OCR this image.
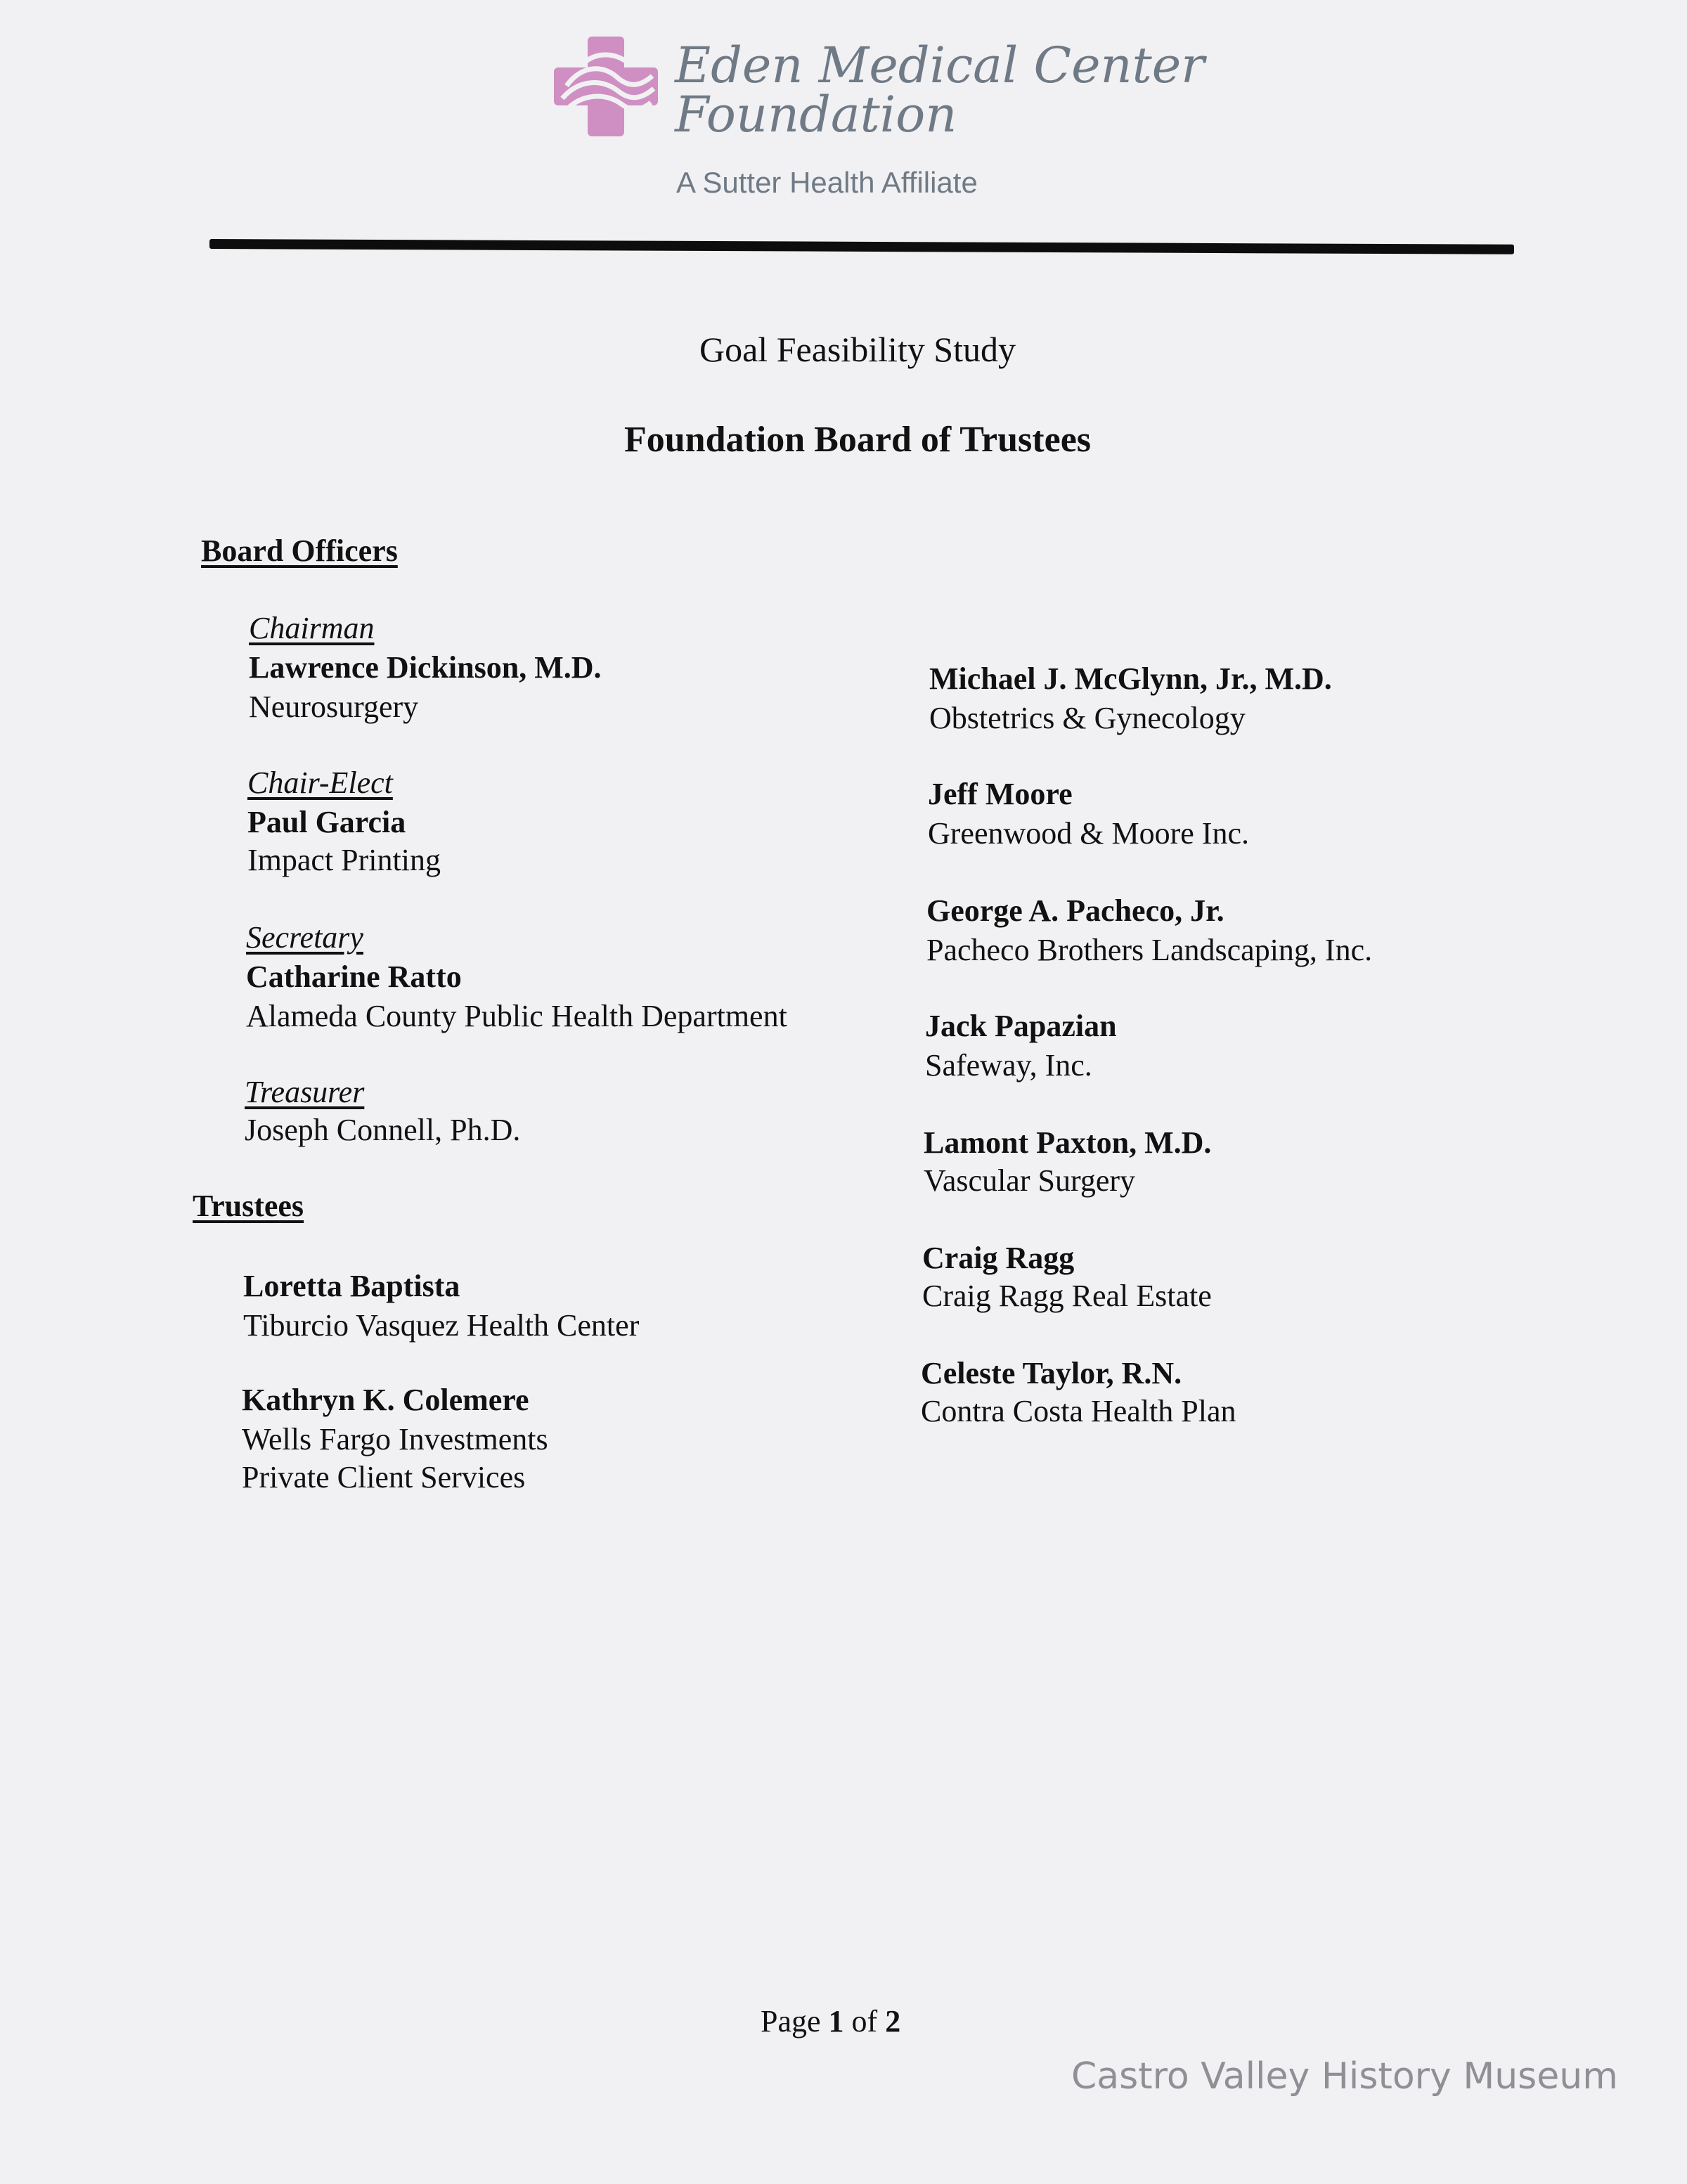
Eden Medical Center
Foundation
A Sutter Health Affiliate
Goal Feasibility Study
Foundation Board of Trustees
Board Officers
Chairman
Lawrence Dickinson, M.D.
Neurosurgery
Chair-Elect
Paul Garcia
Impact Printing
Secretary
Catharine Ratto
Alameda County Public Health Department
Treasurer
Joseph Connell, Ph.D.
Trustees
Loretta Baptista
Tiburcio Vasquez Health Center
Kathryn K. Colemere
Wells Fargo Investments
Private Client Services
Michael J. McGlynn, Jr., M.D.
Obstetrics & Gynecology
Jeff Moore
Greenwood & Moore Inc.
George A. Pacheco, Jr.
Pacheco Brothers Landscaping, Inc.
Jack Papazian
Safeway, Inc.
Lamont Paxton, M.D.
Vascular Surgery
Craig Ragg
Craig Ragg Real Estate
Celeste Taylor, R.N.
Contra Costa Health Plan
Page 1 of 2
Castro Valley History Museum
